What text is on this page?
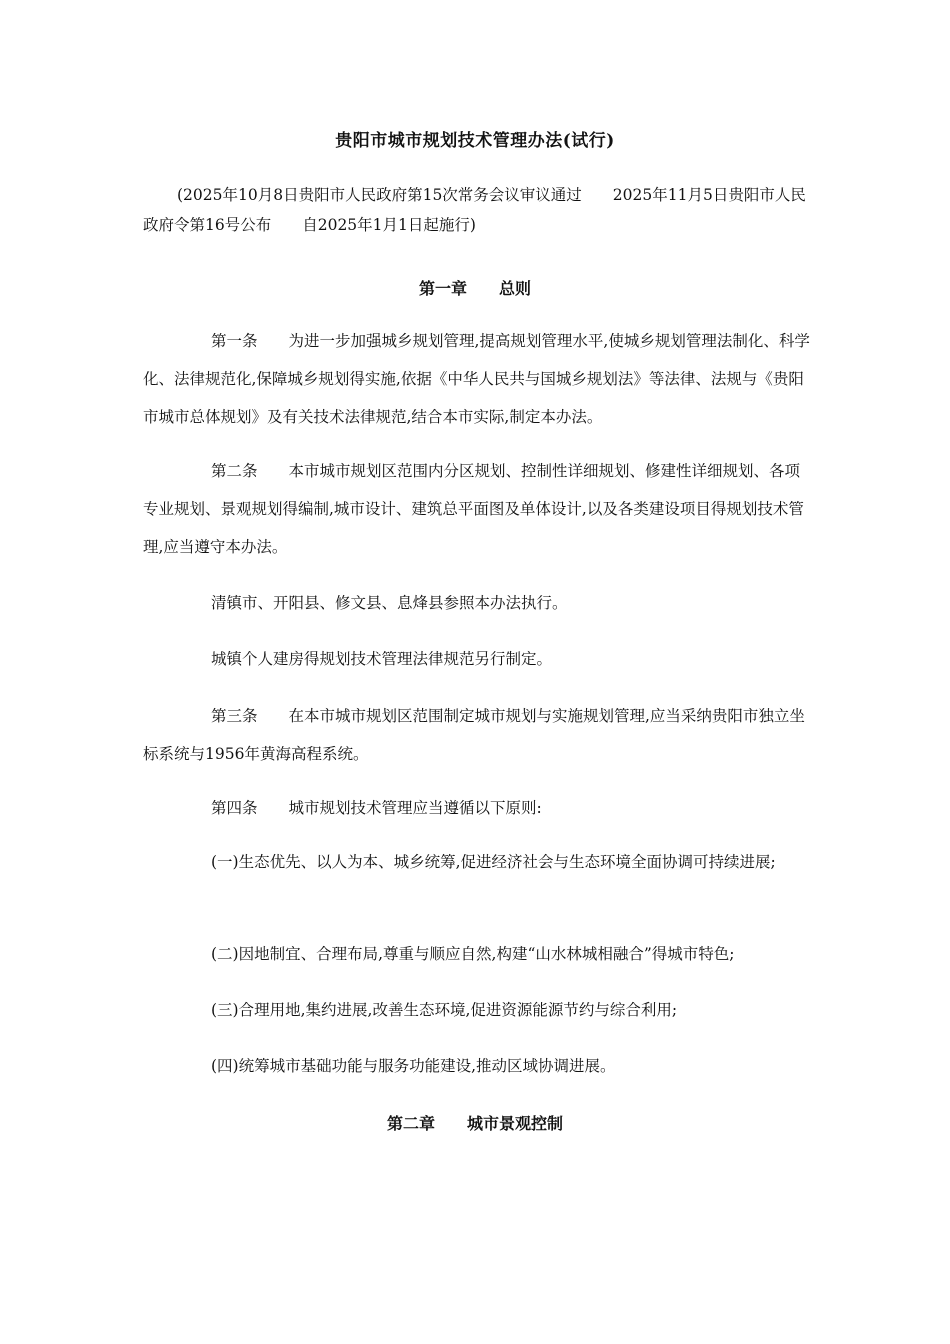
贵阳市城市规划技术管理办法(试行)
(2025年10月8日贵阳市人民政府第15次常务会议审议通过　　2025年11月5日贵阳市人民政府令第16号公布　　自2025年1月1日起施行)
第一章　　总则
第一条　　为进一步加强城乡规划管理,提高规划管理水平,使城乡规划管理法制化、科学化、法律规范化,保障城乡规划得实施,依据《中华人民共与国城乡规划法》等法律、法规与《贵阳市城市总体规划》及有关技术法律规范,结合本市实际,制定本办法。
第二条　　本市城市规划区范围内分区规划、控制性详细规划、修建性详细规划、各项专业规划、景观规划得编制,城市设计、建筑总平面图及单体设计,以及各类建设项目得规划技术管理,应当遵守本办法。
清镇市、开阳县、修文县、息烽县参照本办法执行。
城镇个人建房得规划技术管理法律规范另行制定。
第三条　　在本市城市规划区范围制定城市规划与实施规划管理,应当采纳贵阳市独立坐标系统与1956年黄海高程系统。
第四条　　城市规划技术管理应当遵循以下原则:
(一)生态优先、以人为本、城乡统筹,促进经济社会与生态环境全面协调可持续进展;
(二)因地制宜、合理布局,尊重与顺应自然,构建“山水林城相融合”得城市特色;
(三)合理用地,集约进展,改善生态环境,促进资源能源节约与综合利用;
(四)统筹城市基础功能与服务功能建设,推动区域协调进展。
第二章　　城市景观控制
